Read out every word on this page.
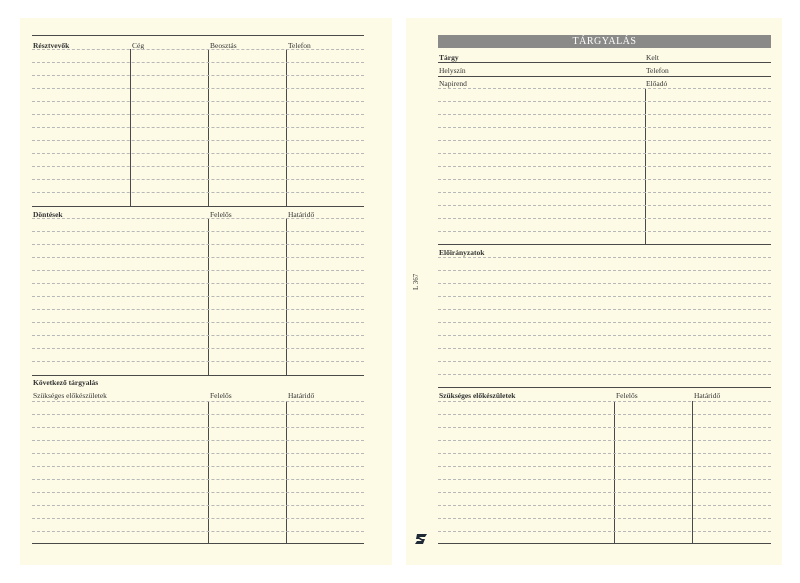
Résztvevők	Cég	Beosztás	Telefon
Döntések	Felelős	Határidő
Következő tárgyalás
Szükséges előkészületek	Felelős	Határidő
TÁRGYALÁS
Tárgy	Kelt
Helyszín	Telefon
Napirend	Előadó
Előirányzatok
Szükséges előkészületek	Felelős	Határidő
L 367
